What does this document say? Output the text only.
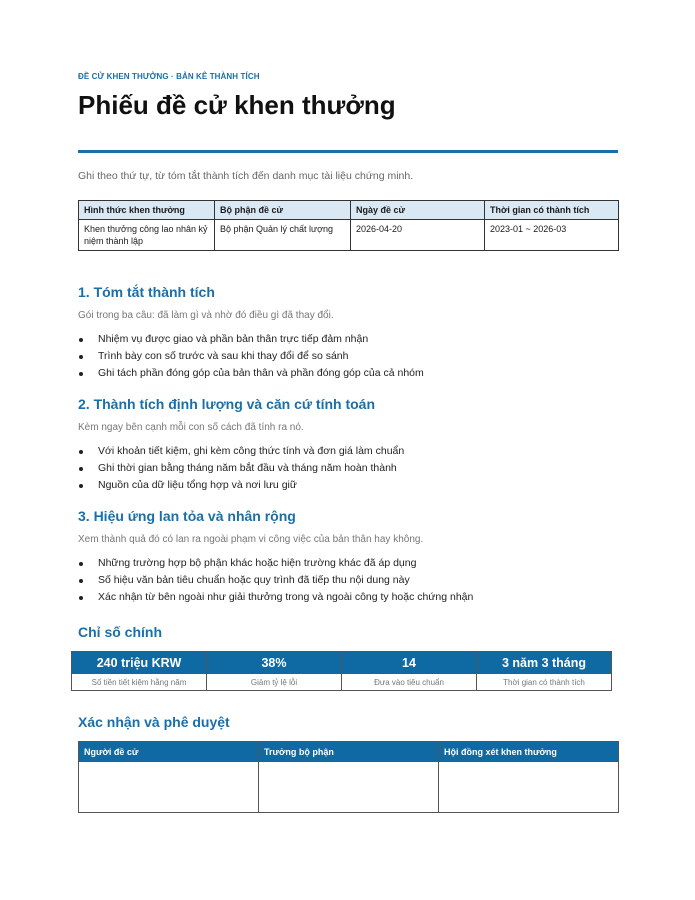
ĐỀ CỬ KHEN THƯỞNG · BẢN KÊ THÀNH TÍCH
Phiếu đề cử khen thưởng

Ghi theo thứ tự, từ tóm tắt thành tích đến danh mục tài liệu chứng minh.

Hình thức khen thưởng	Bộ phận đề cử	Ngày đề cử	Thời gian có thành tích
Khen thưởng công lao nhân kỷ niệm thành lập	Bộ phận Quản lý chất lượng	2026-04-20	2023-01 ~ 2026-03
1. Tóm tắt thành tích

Gói trong ba câu: đã làm gì và nhờ đó điều gì đã thay đổi.

Nhiệm vụ được giao và phần bản thân trực tiếp đảm nhận
Trình bày con số trước và sau khi thay đổi để so sánh
Ghi tách phần đóng góp của bản thân và phần đóng góp của cả nhóm
2. Thành tích định lượng và căn cứ tính toán

Kèm ngay bên cạnh mỗi con số cách đã tính ra nó.

Với khoản tiết kiệm, ghi kèm công thức tính và đơn giá làm chuẩn
Ghi thời gian bằng tháng năm bắt đầu và tháng năm hoàn thành
Nguồn của dữ liệu tổng hợp và nơi lưu giữ
3. Hiệu ứng lan tỏa và nhân rộng

Xem thành quả đó có lan ra ngoài phạm vi công việc của bản thân hay không.

Những trường hợp bộ phận khác hoặc hiện trường khác đã áp dụng
Số hiệu văn bản tiêu chuẩn hoặc quy trình đã tiếp thu nội dung này
Xác nhận từ bên ngoài như giải thưởng trong và ngoài công ty hoặc chứng nhận
Chỉ số chính
240 triệu KRW	38%	14	3 năm 3 tháng
Số tiền tiết kiệm hằng năm	Giảm tỷ lệ lỗi	Đưa vào tiêu chuẩn	Thời gian có thành tích
Xác nhận và phê duyệt
Người đề cử	Trưởng bộ phận	Hội đồng xét khen thưởng
